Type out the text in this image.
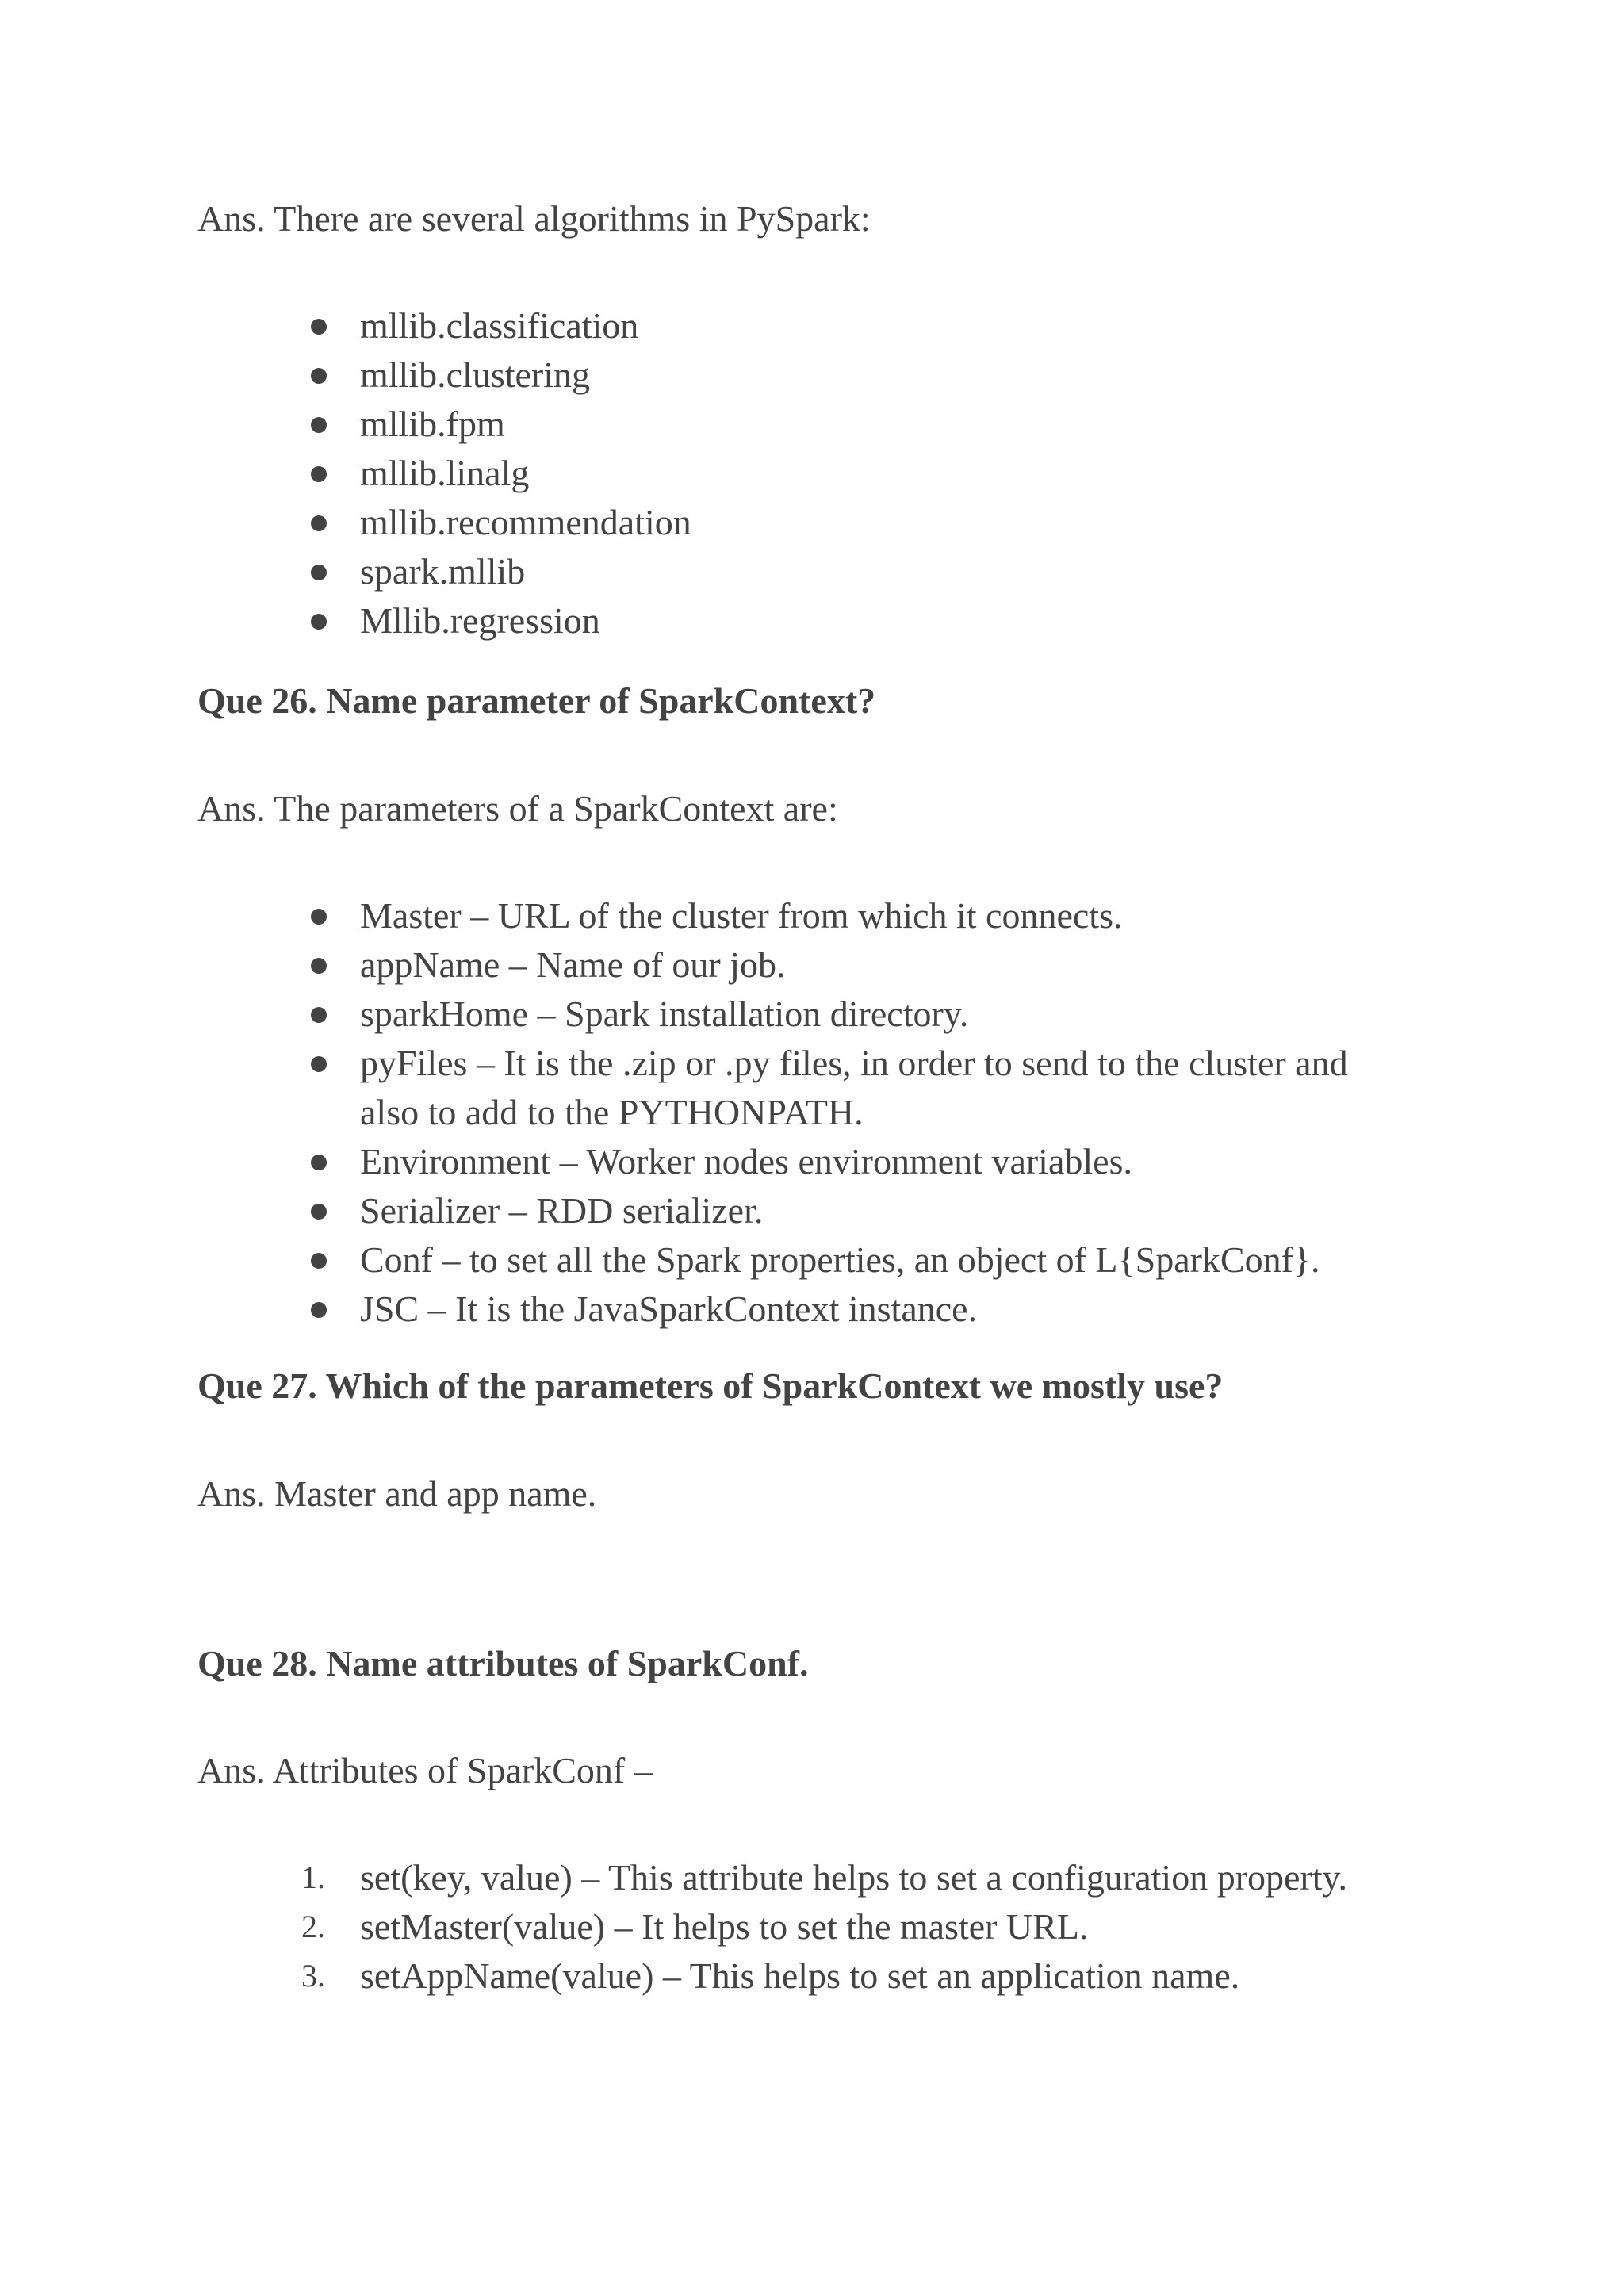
Ans. There are several algorithms in PySpark:

mllib.classification
mllib.clustering
mllib.fpm
mllib.linalg
mllib.recommendation
spark.mllib
Mllib.regression
Que 26. Name parameter of SparkContext?

Ans. The parameters of a SparkContext are:

Master – URL of the cluster from which it connects.
appName – Name of our job.
sparkHome – Spark installation directory.
pyFiles – It is the .zip or .py files, in order to send to the cluster and also to add to the PYTHONPATH.
Environment – Worker nodes environment variables.
Serializer – RDD serializer.
Conf – to set all the Spark properties, an object of L{SparkConf}.
JSC – It is the JavaSparkContext instance.
Que 27. Which of the parameters of SparkContext we mostly use?

Ans. Master and app name.

Que 28. Name attributes of SparkConf.

Ans. Attributes of SparkConf –

1. set(key, value) – This attribute helps to set a configuration property.
2. setMaster(value) – It helps to set the master URL.
3. setAppName(value) – This helps to set an application name.
